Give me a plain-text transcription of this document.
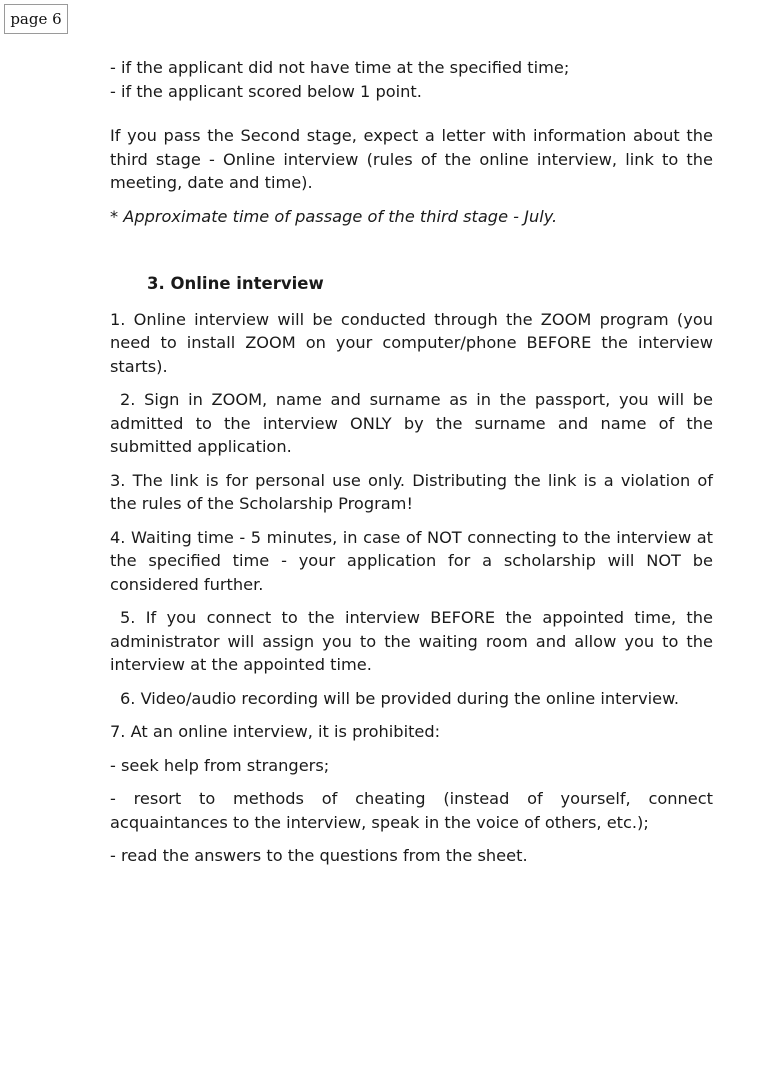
page 6

- if the applicant did not have time at the specified time;

- if the applicant scored below 1 point.

If you pass the Second stage, expect a letter with information about the third stage - Online interview (rules of the online interview, link to the meeting, date and time).

* Approximate time of passage of the third stage - July.

3. Online interview

1. Online interview will be conducted through the ZOOM program (you need to install ZOOM on your computer/phone BEFORE the interview starts).

2. Sign in ZOOM, name and surname as in the passport, you will be admitted to the interview ONLY by the surname and name of the submitted application.

3. The link is for personal use only. Distributing the link is a violation of the rules of the Scholarship Program!

4. Waiting time - 5 minutes, in case of NOT connecting to the interview at the specified time - your application for a scholarship will NOT be considered further.

5. If you connect to the interview BEFORE the appointed time, the administrator will assign you to the waiting room and allow you to the interview at the appointed time.

6. Video/audio recording will be provided during the online interview.

7. At an online interview, it is prohibited:

- seek help from strangers;

- resort to methods of cheating (instead of yourself, connect acquaintances to the interview, speak in the voice of others, etc.);

- read the answers to the questions from the sheet.
